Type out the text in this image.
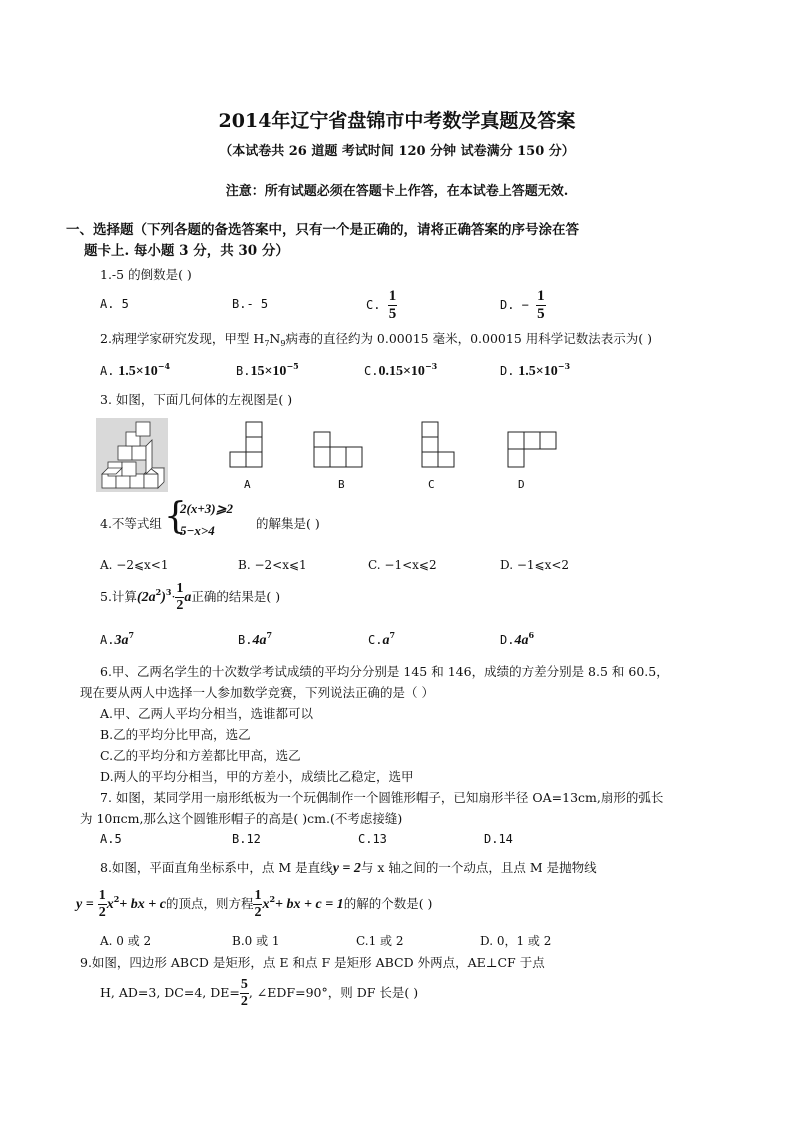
2014年辽宁省盘锦市中考数学真题及答案
（本试卷共 26 道题 考试时间 120 分钟 试卷满分 150 分）
注意：所有试题必须在答题卡上作答，在本试卷上答题无效.
一、选择题（下列各题的备选答案中，只有一个是正确的，请将正确答案的序号涂在答
题卡上. 每小题 3 分，共 30 分）
1.-5 的倒数是( )
A. 5	B.- 5	C. $\frac{1}{5}$	D. − $\frac{1}{5}$
2.病理学家研究发现，甲型 $H_7N_9$病毒的直径约为 0.00015 毫米，0.00015 用科学记数法表示为( )
A. $1.5\times 10^{-4}$	$B.15\times 10^{-5}$	$C.0.15\times 10^{-3}$	D. $1.5\times 10^{-3}$
3. 如图，下面几何体的左视图是( )
A	B	C	D
4.不等式组 {
2(x+3)⩾2
5−x>4	的解集是( )
A. −2⩽x<1	B. −2<x⩽1	C. −1<x⩽2	D. −1⩽x<2
5.计算$(2a^2)^3\cdot \frac{1}{2}$ a正确的结果是( )
$A.3a^7$	$B.4a^7$	$C.a^7$	$D.4a^6$
6.甲、乙两名学生的十次数学考试成绩的平均分分别是 145 和 146，成绩的方差分别是 8.5 和 60.5，
现在要从两人中选择一人参加数学竞赛，下列说法正确的是（ ）
A.甲、乙两人平均分相当，选谁都可以
B.乙的平均分比甲高，选乙
C.乙的平均分和方差都比甲高，选乙
D.两人的平均分相当，甲的方差小，成绩比乙稳定，选甲
7. 如图，某同学用一扇形纸板为一个玩偶制作一个圆锥形帽子，已知扇形半径 OA=13cm,扇形的弧长
为 10πcm,那么这个圆锥形帽子的高是( )cm.(不考虑接缝)
A.5	B.12	C.13	D.14
8.如图，平面直角坐标系中，点 M 是直线y = 2与 x 轴之间的一个动点，且点 M 是抛物线
$y = \frac{1}{2} x^2+$ bx + c的顶点，则方程 $\frac{1}{2} x^2+$ bx + c = 1的解的个数是( )
A. 0 或 2	B.0 或 1	C.1 或 2	D. 0，1 或 2
9.如图，四边形 ABCD 是矩形，点 E 和点 F 是矩形 ABCD 外两点，AE⊥CF 于点
H, AD=3, DC=4, $DE= \frac{5}{2}$ , ∠EDF=90°，则 DF 长是( )
